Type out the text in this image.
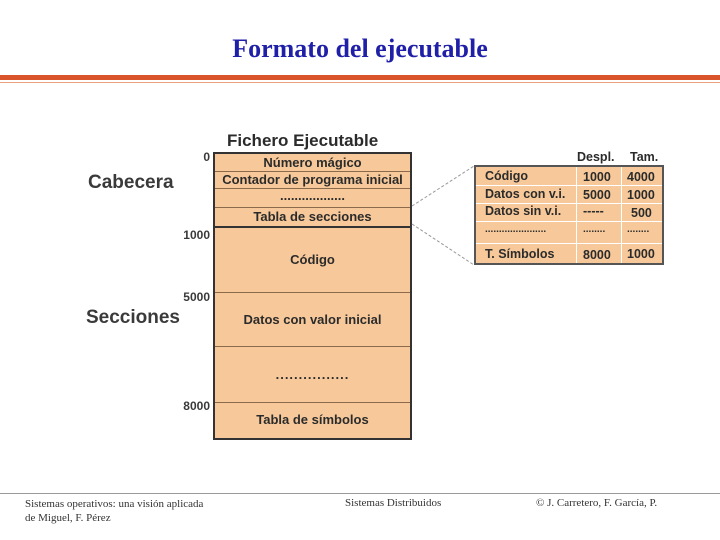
Formato del ejecutable
Fichero Ejecutable
Cabecera
Secciones
0
1000
5000
8000
Número mágico
Contador de programa inicial
..................
Tabla de secciones
Código
Datos con valor inicial
................
Tabla de símbolos
Despl. Tam.
Código	1000 4000
Datos con v.i. 5000 1000
Datos sin v.i. ----- 500
......................	........ ........
T. Símbolos 8000 1000
Sistemas operativos: una visión aplicada
de Miguel, F. Pérez
Sistemas Distribuidos	© J. Carretero, F. García, P.
